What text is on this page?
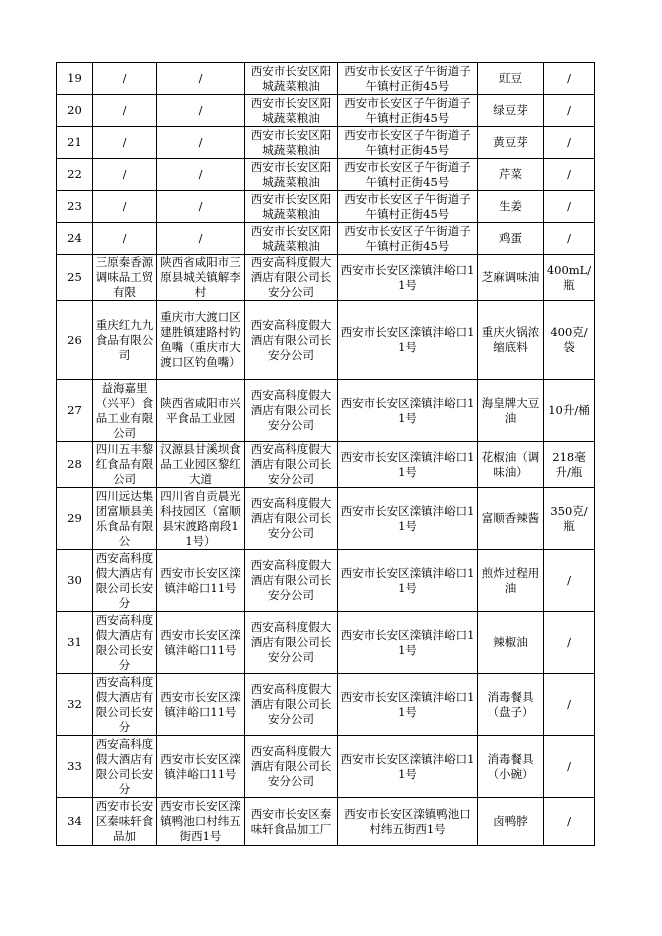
19	/	/	西安市长安区阳城蔬菜粮油	西安市长安区子午街道子午镇村正街45号	豇豆	/
20	/	/	西安市长安区阳城蔬菜粮油	西安市长安区子午街道子午镇村正街45号	绿豆芽	/
21	/	/	西安市长安区阳城蔬菜粮油	西安市长安区子午街道子午镇村正街45号	黄豆芽	/
22	/	/	西安市长安区阳城蔬菜粮油	西安市长安区子午街道子午镇村正街45号	芹菜	/
23	/	/	西安市长安区阳城蔬菜粮油	西安市长安区子午街道子午镇村正街45号	生姜	/
24	/	/	西安市长安区阳城蔬菜粮油	西安市长安区子午街道子午镇村正街45号	鸡蛋	/
25	三原秦香源调味品工贸有限	陕西省咸阳市三原县城关镇解李村	西安高科度假大酒店有限公司长安分公司	西安市长安区滦镇沣峪口11号	芝麻调味油	400mL/瓶
26	重庆红九九食品有限公司	重庆市大渡口区建胜镇建路村钓鱼嘴（重庆市大渡口区钓鱼嘴）	西安高科度假大酒店有限公司长安分公司	西安市长安区滦镇沣峪口11号	重庆火锅浓缩底料	400克/袋
27	益海嘉里（兴平）食品工业有限公司	陕西省咸阳市兴平食品工业园	西安高科度假大酒店有限公司长安分公司	西安市长安区滦镇沣峪口11号	海皇牌大豆油	10升/桶
28	四川五丰黎红食品有限公司	汉源县甘溪坝食品工业园区黎红大道	西安高科度假大酒店有限公司长安分公司	西安市长安区滦镇沣峪口11号	花椒油（调味油）	218毫升/瓶
29	四川远达集团富顺县美乐食品有限公	四川省自贡晨光科技园区（富顺县宋渡路南段11号）	西安高科度假大酒店有限公司长安分公司	西安市长安区滦镇沣峪口11号	富顺香辣酱	350克/瓶
30	西安高科度假大酒店有限公司长安分	西安市长安区滦镇沣峪口11号	西安高科度假大酒店有限公司长安分公司	西安市长安区滦镇沣峪口11号	煎炸过程用油	/
31	西安高科度假大酒店有限公司长安分	西安市长安区滦镇沣峪口11号	西安高科度假大酒店有限公司长安分公司	西安市长安区滦镇沣峪口11号	辣椒油	/
32	西安高科度假大酒店有限公司长安分	西安市长安区滦镇沣峪口11号	西安高科度假大酒店有限公司长安分公司	西安市长安区滦镇沣峪口11号	消毒餐具（盘子）	/
33	西安高科度假大酒店有限公司长安分	西安市长安区滦镇沣峪口11号	西安高科度假大酒店有限公司长安分公司	西安市长安区滦镇沣峪口11号	消毒餐具（小碗）	/
34	西安市长安区秦味轩食品加	西安市长安区滦镇鸭池口村纬五街西1号	西安市长安区秦味轩食品加工厂	西安市长安区滦镇鸭池口村纬五街西1号	卤鸭脖	/
